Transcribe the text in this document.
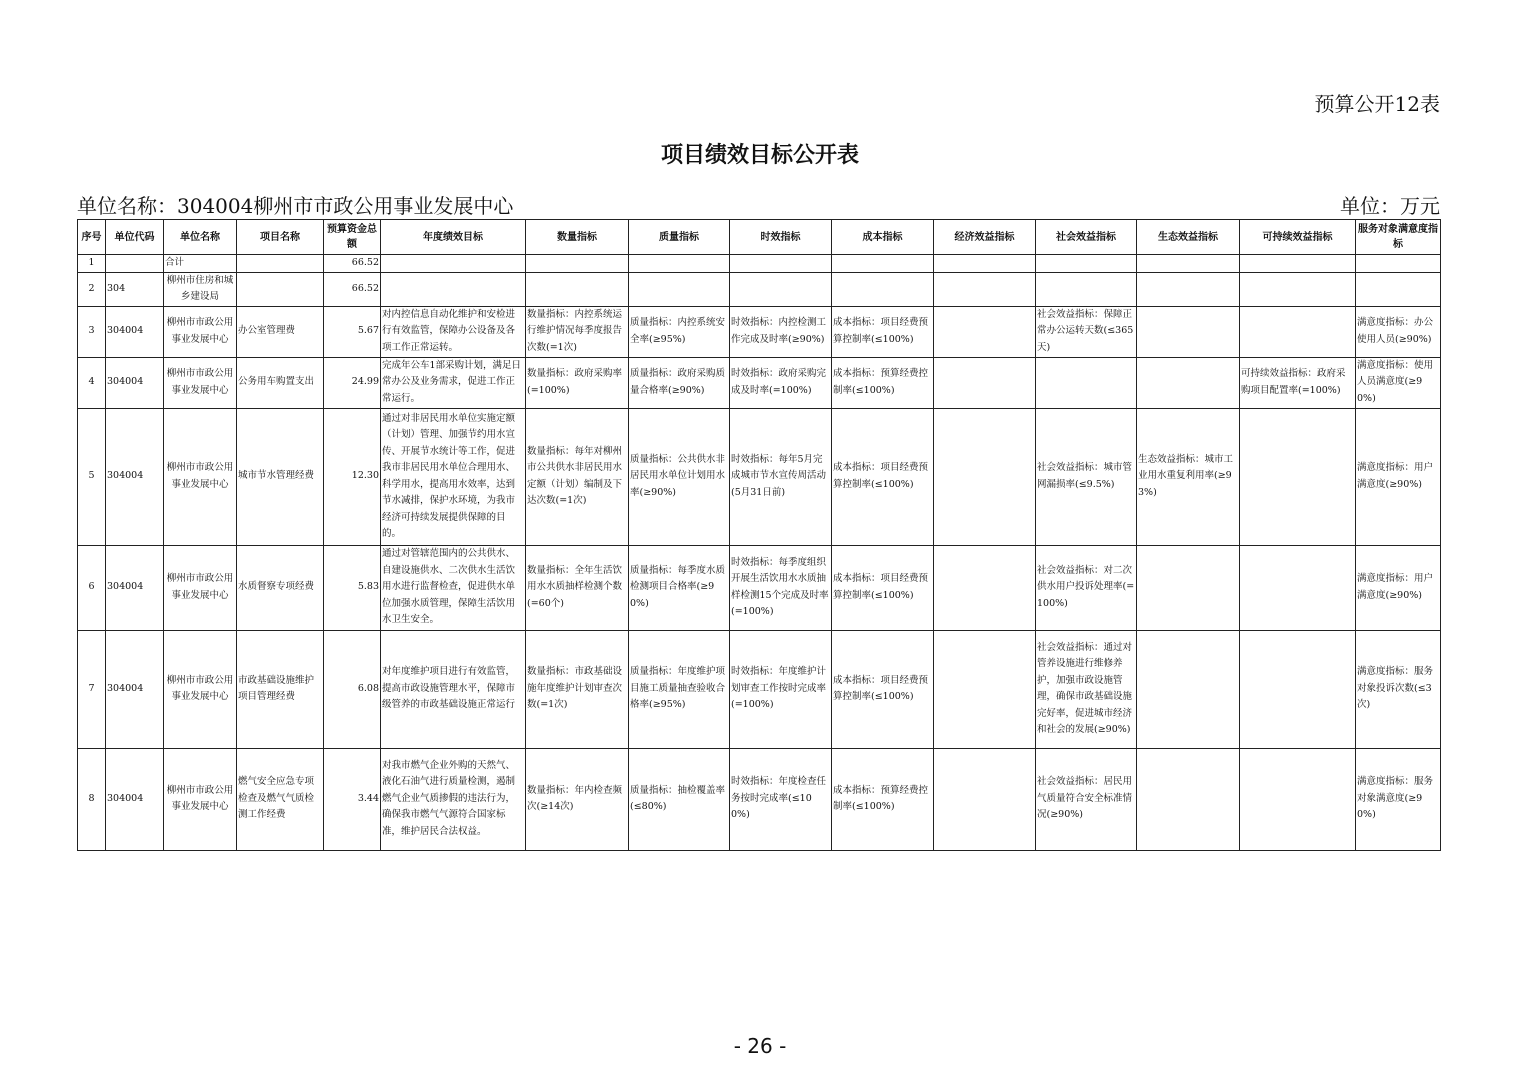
预算公开12表
项目绩效目标公开表
单位名称：304004柳州市市政公用事业发展中心	单位：万元
序号	单位代码	单位名称	项目名称	预算资金总额	年度绩效目标	数量指标	质量指标	时效指标	成本指标	经济效益指标	社会效益指标	生态效益指标	可持续效益指标	服务对象满意度指标
1		合计		66.52										
2	304	柳州市住房和城乡建设局		66.52										
3	304004	柳州市市政公用事业发展中心	办公室管理费	5.67	对内控信息自动化维护和安检进行有效监管，保障办公设备及各项工作正常运转。	数量指标：内控系统运行维护情况每季度报告次数(=1次)	质量指标：内控系统安全率(≥95%)	时效指标：内控检测工作完成及时率(≥90%)	成本指标：项目经费预算控制率(≤100%)		社会效益指标：保障正常办公运转天数(≤365天)			满意度指标：办公使用人员(≥90%)
4	304004	柳州市市政公用事业发展中心	公务用车购置支出	24.99	完成年公车1部采购计划，满足日常办公及业务需求，促进工作正常运行。	数量指标：政府采购率(=100%)	质量指标：政府采购质量合格率(≥90%)	时效指标：政府采购完成及时率(=100%)	成本指标：预算经费控制率(≤100%)				可持续效益指标：政府采购项目配置率(=100%)	满意度指标：使用人员满意度(≥90%)
5	304004	柳州市市政公用事业发展中心	城市节水管理经费	12.30	通过对非居民用水单位实施定额（计划）管理、加强节约用水宣传、开展节水统计等工作，促进我市非居民用水单位合理用水、科学用水，提高用水效率，达到节水减排，保护水环境，为我市经济可持续发展提供保障的目的。	数量指标：每年对柳州市公共供水非居民用水定额（计划）编制及下达次数(=1次)	质量指标：公共供水非居民用水单位计划用水率(≥90%)	时效指标：每年5月完成城市节水宣传周活动(5月31日前)	成本指标：项目经费预算控制率(≤100%)		社会效益指标：城市管网漏损率(≤9.5%)	生态效益指标：城市工业用水重复利用率(≥93%)		满意度指标：用户满意度(≥90%)
6	304004	柳州市市政公用事业发展中心	水质督察专项经费	5.83	通过对管辖范围内的公共供水、自建设施供水、二次供水生活饮用水进行监督检查，促进供水单位加强水质管理，保障生活饮用水卫生安全。	数量指标：全年生活饮用水水质抽样检测个数(=60个)	质量指标：每季度水质检测项目合格率(≥90%)	时效指标：每季度组织开展生活饮用水水质抽样检测15个完成及时率(=100%)	成本指标：项目经费预算控制率(≤100%)		社会效益指标：对二次供水用户投诉处理率(=100%)			满意度指标：用户满意度(≥90%)
7	304004	柳州市市政公用事业发展中心	市政基础设施维护项目管理经费	6.08	对年度维护项目进行有效监管，提高市政设施管理水平，保障市级管养的市政基础设施正常运行	数量指标：市政基础设施年度维护计划审查次数(=1次)	质量指标：年度维护项目施工质量抽查验收合格率(≥95%)	时效指标：年度维护计划审查工作按时完成率(=100%)	成本指标：项目经费预算控制率(≤100%)		社会效益指标：通过对管养设施进行维修养护，加强市政设施管理，确保市政基础设施完好率，促进城市经济和社会的发展(≥90%)			满意度指标：服务对象投诉次数(≤3次)
8	304004	柳州市市政公用事业发展中心	燃气安全应急专项检查及燃气气质检测工作经费	3.44	对我市燃气企业外购的天然气、液化石油气进行质量检测，遏制燃气企业气质掺假的违法行为，确保我市燃气气源符合国家标准，维护居民合法权益。	数量指标：年内检查频次(≥14次)	质量指标：抽检覆盖率(≤80%)	时效指标：年度检查任务按时完成率(≤100%)	成本指标：预算经费控制率(≤100%)		社会效益指标：居民用气质量符合安全标准情况(≥90%)			满意度指标：服务对象满意度(≥90%)
- 26 -
